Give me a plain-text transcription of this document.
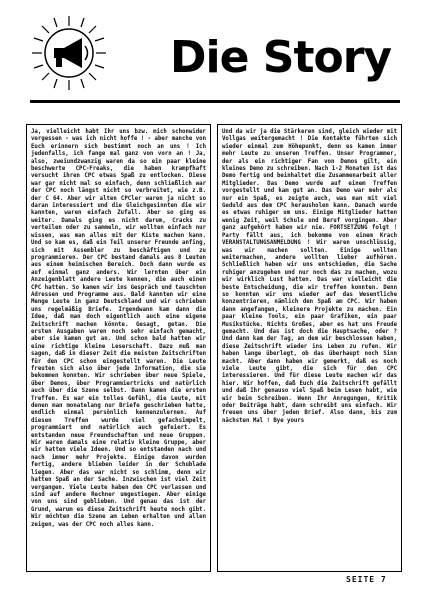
Die Story

Ja, vielleicht habt Ihr uns bzw. mich schonwider vergessen - was ich nicht hoffe ! - aber manche von Euch erinnern sich bestimmt noch an uns ! Ich jedenfalls, ich fange mal ganz von vorn an ! Ja, also, zweiundzwanzig waren da so ein paar kleine beschwerte CPC-Freaks, die haben krampfhaft versucht ihren CPC etwas Spaß zu entlocken. Diese war gar nicht mal so einfach, denn schließlich war der CPC noch längst nicht so verbreitet, wie z.B. der C 64. Aber wir alten CPCler waren ja nicht so daran interessiert und die Gleichgesinnten die wir kannten, waren einfach Zufall. Aber so ging es weiter. Damals ging es nicht darum, Cracks zu verteilen oder zu sammeln, wir wollten einfach nur wissen, was man alles mit der Kiste machen kann. Und so kam es, daß ein Teil unserer Freunde anfing, sich mit Assembler zu beschäftigen und zu programmieren. Der CPC bestand damals aus 8 Leuten aus einem heimischen Bereich. Doch dann wurde es auf einmal ganz anders. Wir lernten über ein Anzeigenblatt andere Leute kennen, die auch einen CPC hatten. So kamen wir ins Gespräch und tauschten Adressen und Programme aus. Bald kannten wir eine Menge Leute in ganz Deutschland und wir schrieben uns regelmäßig Briefe. Irgendwann kam dann die Idee, daß man doch eigentlich auch eine eigene Zeitschrift machen könnte. Gesagt, getan. Die ersten Ausgaben waren noch sehr einfach gemacht, aber sie kamen gut an. Und schon bald hatten wir eine richtige kleine Leserschaft. Dazu muß man sagen, daß in dieser Zeit die meisten Zeitschriften für den CPC schon eingestellt waren. Die Leute freuten sich also über jede Information, die sie bekommen konnten. Wir schrieben über neue Spiele, über Demos, über Programmiertricks und natürlich auch über die Szene selbst. Dann kamen die ersten Treffen. Es war ein tolles Gefühl, die Leute, mit denen man monatelang nur Briefe geschrieben hatte, endlich einmal persönlich kennenzulernen. Auf diesen Treffen wurde viel gefachsimpelt, programmiert und natürlich auch gefeiert. Es entstanden neue Freundschaften und neue Gruppen. Wir waren damals eine relativ kleine Gruppe, aber wir hatten viele Ideen. Und so entstanden nach und nach immer mehr Projekte. Einige davon wurden fertig, andere blieben leider in der Schublade liegen. Aber das war nicht so schlimm, denn wir hatten Spaß an der Sache. Inzwischen ist viel Zeit vergangen. Viele Leute haben den CPC verlassen und sind auf andere Rechner umgestiegen. Aber einige von uns sind geblieben. Und genau das ist der Grund, warum es diese Zeitschrift heute noch gibt. Wir möchten die Szene am Leben erhalten und allen zeigen, was der CPC noch alles kann.

Und da wir ja die Stärkeren sind, gleich wieder mit Vollgas weitergemacht ! Die Kontakte führten sich wieder einmal zum Höhepunkt, denn es kamen immer mehr Leute zu unseren Treffen. Unser Programmer, der als ein richtiger Fan von Demos gilt, ein kleines Demo zu schreiben. Nach 1-2 Monaten ist das Demo fertig und beinhaltet die Zusammenarbeit aller Mitglieder. Das Demo wurde auf einem Treffen vorgestellt und kam gut an. Das Demo war mehr als nur ein Spaß, es zeigte auch, was man mit viel Geduld aus dem CPC herausholen kann. Danach wurde es etwas ruhiger um uns. Einige Mitglieder hatten wenig Zeit, weil Schule und Beruf vorgingen. Aber ganz aufgehört haben wir nie. FORTSETZUNG folgt ! Party fällt aus, ich bekomme von einem Krach VERANSTALTUNGSANMELDUNG ! Wir waren unschlüssig, was wir machen sollten. Einige wollten weitermachen, andere wollten lieber aufhören. Schließlich haben wir uns entschieden, die Sache ruhiger anzugehen und nur noch das zu machen, wozu wir wirklich Lust hatten. Das war vielleicht die beste Entscheidung, die wir treffen konnten. Denn so konnten wir uns wieder auf das Wesentliche konzentrieren, nämlich den Spaß am CPC. Wir haben dann angefangen, kleinere Projekte zu machen. Ein paar kleine Tools, ein paar Grafiken, ein paar Musikstücke. Nichts Großes, aber es hat uns Freude gemacht. Und das ist doch die Hauptsache, oder ? Und dann kam der Tag, an dem wir beschlossen haben, diese Zeitschrift wieder ins Leben zu rufen. Wir haben lange überlegt, ob das überhaupt noch Sinn macht. Aber dann haben wir gemerkt, daß es noch viele Leute gibt, die sich für den CPC interessieren. Und für diese Leute machen wir das hier. Wir hoffen, daß Euch die Zeitschrift gefällt und daß Ihr genauso viel Spaß beim Lesen habt, wie wir beim Schreiben. Wenn Ihr Anregungen, Kritik oder Beiträge habt, dann schreibt uns einfach. Wir freuen uns über jeden Brief. Also dann, bis zum nächsten Mal ! Bye yours

SEITE 7
